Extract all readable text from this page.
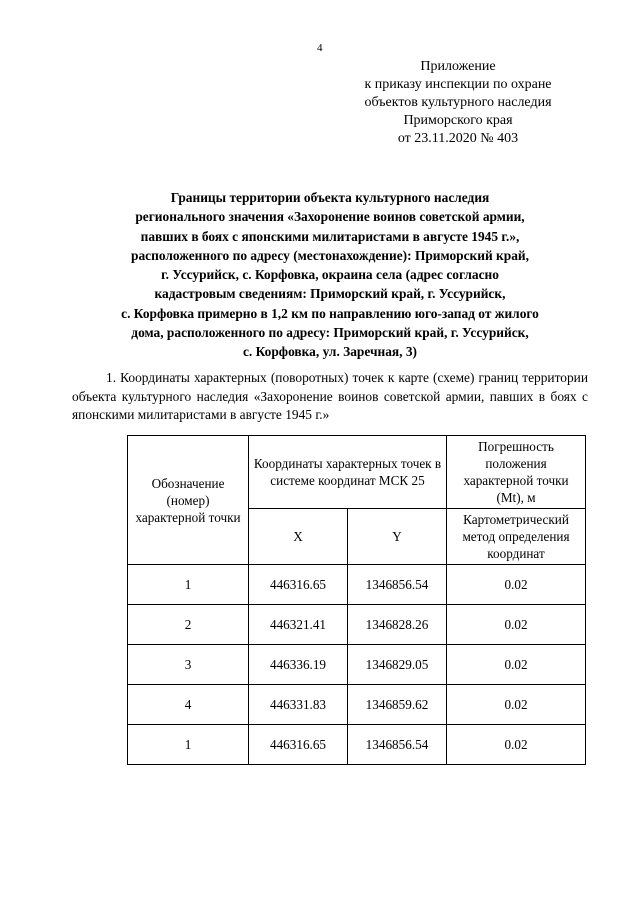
4
Приложение
к приказу инспекции по охране
объектов культурного наследия
Приморского края
от 23.11.2020 № 403
Границы территории объекта культурного наследия
регионального значения «Захоронение воинов советской армии,
павших в боях с японскими милитаристами в августе 1945 г.»,
расположенного по адресу (местонахождение): Приморский край,
г. Уссурийск, с. Корфовка, окраина села (адрес согласно
кадастровым сведениям: Приморский край, г. Уссурийск,
с. Корфовка примерно в 1,2 км по направлению юго-запад от жилого
дома, расположенного по адресу: Приморский край, г. Уссурийск,
с. Корфовка, ул. Заречная, 3)
1. Координаты характерных (поворотных) точек к карте (схеме) границ территории объекта культурного наследия «Захоронение воинов советской армии, павших в боях с японскими милитаристами в августе 1945 г.»
Обозначение (номер) характерной точки	Координаты характерных точек в системе координат МСК 25		Погрешность положения характерной точки (Mt), м
	X	Y	Картометрический метод определения координат
1	446316.65	1346856.54	0.02
2	446321.41	1346828.26	0.02
3	446336.19	1346829.05	0.02
4	446331.83	1346859.62	0.02
1	446316.65	1346856.54	0.02
